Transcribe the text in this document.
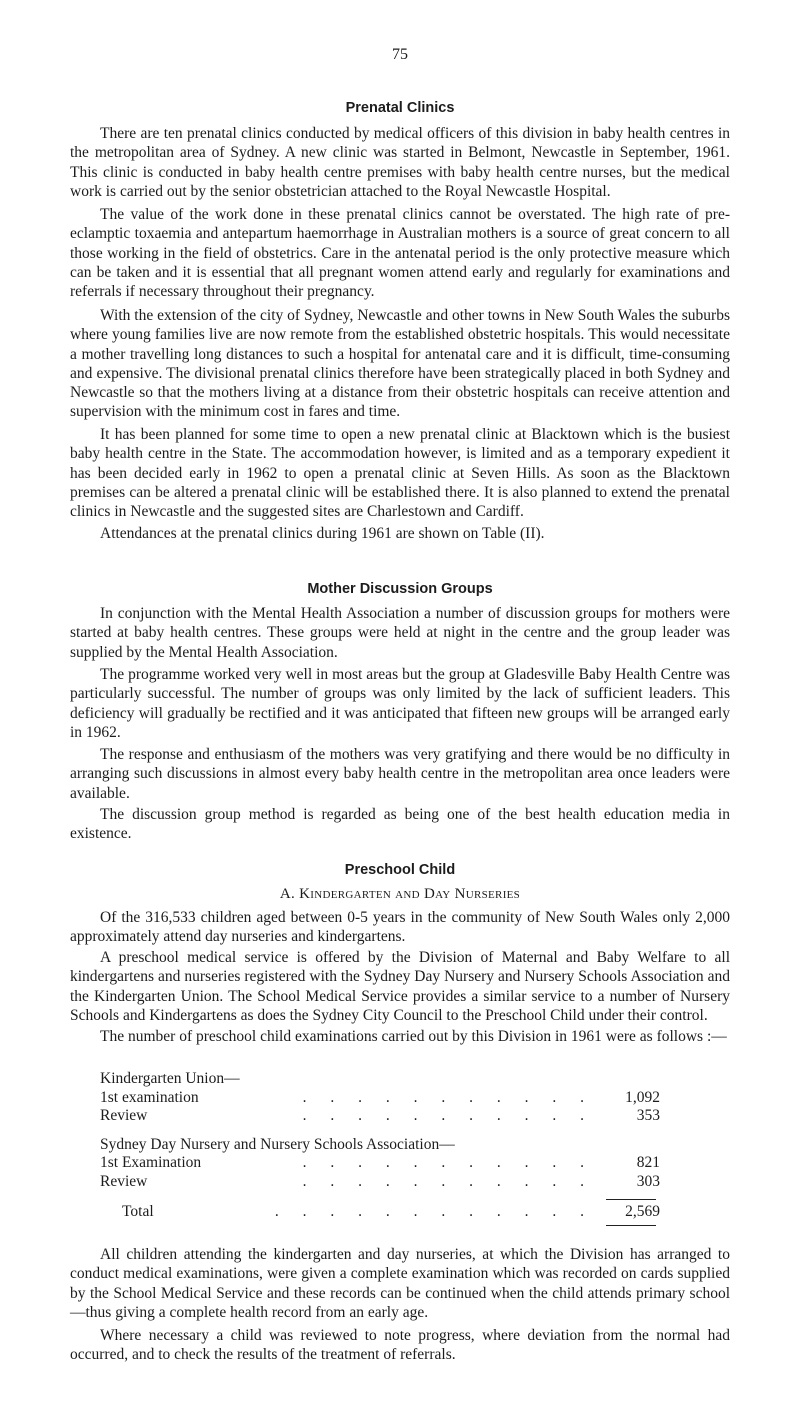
75
Prenatal Clinics

There are ten prenatal clinics conducted by medical officers of this division in baby health centres in the metropolitan area of Sydney. A new clinic was started in Belmont, Newcastle in September, 1961. This clinic is conducted in baby health centre premises with baby health centre nurses, but the medical work is carried out by the senior obstetrician attached to the Royal Newcastle Hospital.

The value of the work done in these prenatal clinics cannot be overstated. The high rate of pre-eclamptic toxaemia and antepartum haemorrhage in Australian mothers is a source of great concern to all those working in the field of obstetrics. Care in the antenatal period is the only protective measure which can be taken and it is essential that all pregnant women attend early and regularly for examinations and referrals if necessary throughout their pregnancy.

With the extension of the city of Sydney, Newcastle and other towns in New South Wales the suburbs where young families live are now remote from the established obstetric hospitals. This would necessitate a mother travelling long distances to such a hospital for antenatal care and it is difficult, time-consuming and expensive. The divisional prenatal clinics therefore have been strategically placed in both Sydney and Newcastle so that the mothers living at a distance from their obstetric hospitals can receive attention and supervision with the minimum cost in fares and time.

It has been planned for some time to open a new prenatal clinic at Blacktown which is the busiest baby health centre in the State. The accommodation however, is limited and as a temporary expedient it has been decided early in 1962 to open a prenatal clinic at Seven Hills. As soon as the Blacktown premises can be altered a prenatal clinic will be established there. It is also planned to extend the prenatal clinics in Newcastle and the suggested sites are Charlestown and Cardiff.

Attendances at the prenatal clinics during 1961 are shown on Table (II).

Mother Discussion Groups

In conjunction with the Mental Health Association a number of discussion groups for mothers were started at baby health centres. These groups were held at night in the centre and the group leader was supplied by the Mental Health Association.

The programme worked very well in most areas but the group at Gladesville Baby Health Centre was particularly successful. The number of groups was only limited by the lack of sufficient leaders. This deficiency will gradually be rectified and it was anticipated that fifteen new groups will be arranged early in 1962.

The response and enthusiasm of the mothers was very gratifying and there would be no difficulty in arranging such discussions in almost every baby health centre in the metropolitan area once leaders were available.

The discussion group method is regarded as being one of the best health education media in existence.

Preschool Child
A. Kindergarten and Day Nurseries

Of the 316,533 children aged between 0-5 years in the community of New South Wales only 2,000 approximately attend day nurseries and kindergartens.

A preschool medical service is offered by the Division of Maternal and Baby Welfare to all kindergartens and nurseries registered with the Sydney Day Nursery and Nursery Schools Association and the Kindergarten Union. The School Medical Service provides a similar service to a number of Nursery Schools and Kindergartens as does the Sydney City Council to the Preschool Child under their control.

The number of preschool child examinations carried out by this Division in 1961 were as follows :—

Kindergarten Union—
1st examination	1,092
. . . . . . . . . . .
Review	353
. . . . . . . . . . .
Sydney Day Nursery and Nursery Schools Association—
1st Examination	821
. . . . . . . . . . .
Review	303
. . . . . . . . . . .
Total	2,569
. . . . . . . . . . . .

All children attending the kindergarten and day nurseries, at which the Division has arranged to conduct medical examinations, were given a complete examination which was recorded on cards supplied by the School Medical Service and these records can be continued when the child attends primary school—thus giving a complete health record from an early age.

Where necessary a child was reviewed to note progress, where deviation from the normal had occurred, and to check the results of the treatment of referrals.
